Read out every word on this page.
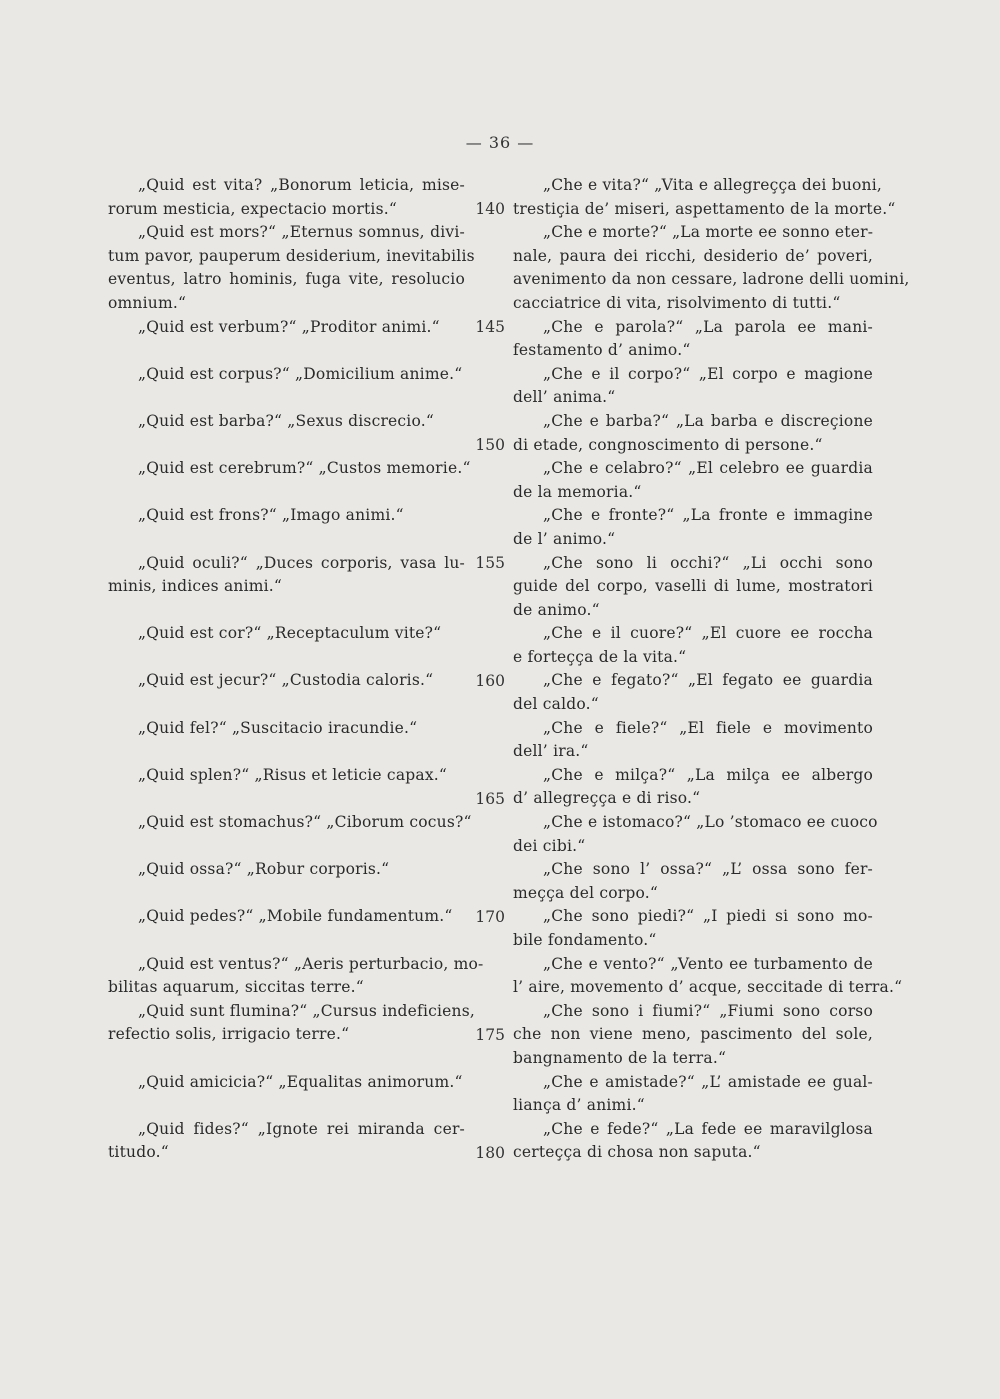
— 36 —
„Quid est vita? „Bonorum leticia, mise-
rorum mesticia, expectacio mortis.“
„Quid est mors?“ „Eternus somnus, divi-
tum pavor, pauperum desiderium, inevitabilis
eventus, latro hominis, fuga vite, resolucio
omnium.“
„Quid est verbum?“ „Proditor animi.“
„Quid est corpus?“ „Domicilium anime.“
„Quid est barba?“ „Sexus discrecio.“
„Quid est cerebrum?“ „Custos memorie.“
„Quid est frons?“ „Imago animi.“
„Quid oculi?“ „Duces corporis, vasa lu-
minis, indices animi.“
„Quid est cor?“ „Receptaculum vite?“
„Quid est jecur?“ „Custodia caloris.“
„Quid fel?“ „Suscitacio iracundie.“
„Quid splen?“ „Risus et leticie capax.“
„Quid est stomachus?“ „Ciborum cocus?“
„Quid ossa?“ „Robur corporis.“
„Quid pedes?“ „Mobile fundamentum.“
„Quid est ventus?“ „Aeris perturbacio, mo-
bilitas aquarum, siccitas terre.“
„Quid sunt flumina?“ „Cursus indeficiens,
refectio solis, irrigacio terre.“
„Quid amicicia?“ „Equalitas animorum.“
„Quid fides?“ „Ignote rei miranda cer-
titudo.“
140
145
150
155
160
165
170
175
180
„Che e vita?“ „Vita e allegreçça dei buoni,
trestiçia de’ miseri, aspettamento de la morte.“
„Che e morte?“ „La morte ee sonno eter-
nale, paura dei ricchi, desiderio de’ poveri,
avenimento da non cessare, ladrone delli uomini,
cacciatrice di vita, risolvimento di tutti.“
„Che e parola?“ „La parola ee mani-
festamento d’ animo.“
„Che e il corpo?“ „El corpo e magione
dell’ anima.“
„Che e barba?“ „La barba e discreçione
di etade, congnoscimento di persone.“
„Che e celabro?“ „El celebro ee guardia
de la memoria.“
„Che e fronte?“ „La fronte e immagine
de l’ animo.“
„Che sono li occhi?“ „Li occhi sono
guide del corpo, vaselli di lume, mostratori
de animo.“
„Che e il cuore?“ „El cuore ee roccha
e forteçça de la vita.“
„Che e fegato?“ „El fegato ee guardia
del caldo.“
„Che e fiele?“ „El fiele e movimento
dell’ ira.“
„Che e milça?“ „La milça ee albergo
d’ allegreçça e di riso.“
„Che e istomaco?“ „Lo ’stomaco ee cuoco
dei cibi.“
„Che sono l’ ossa?“ „L’ ossa sono fer-
meçça del corpo.“
„Che sono piedi?“ „I piedi si sono mo-
bile fondamento.“
„Che e vento?“ „Vento ee turbamento de
l’ aire, movemento d’ acque, seccitade di terra.“
„Che sono i fiumi?“ „Fiumi sono corso
che non viene meno, pascimento del sole,
bangnamento de la terra.“
„Che e amistade?“ „L’ amistade ee gual-
liança d’ animi.“
„Che e fede?“ „La fede ee maravilglosa
certeçça di chosa non saputa.“
